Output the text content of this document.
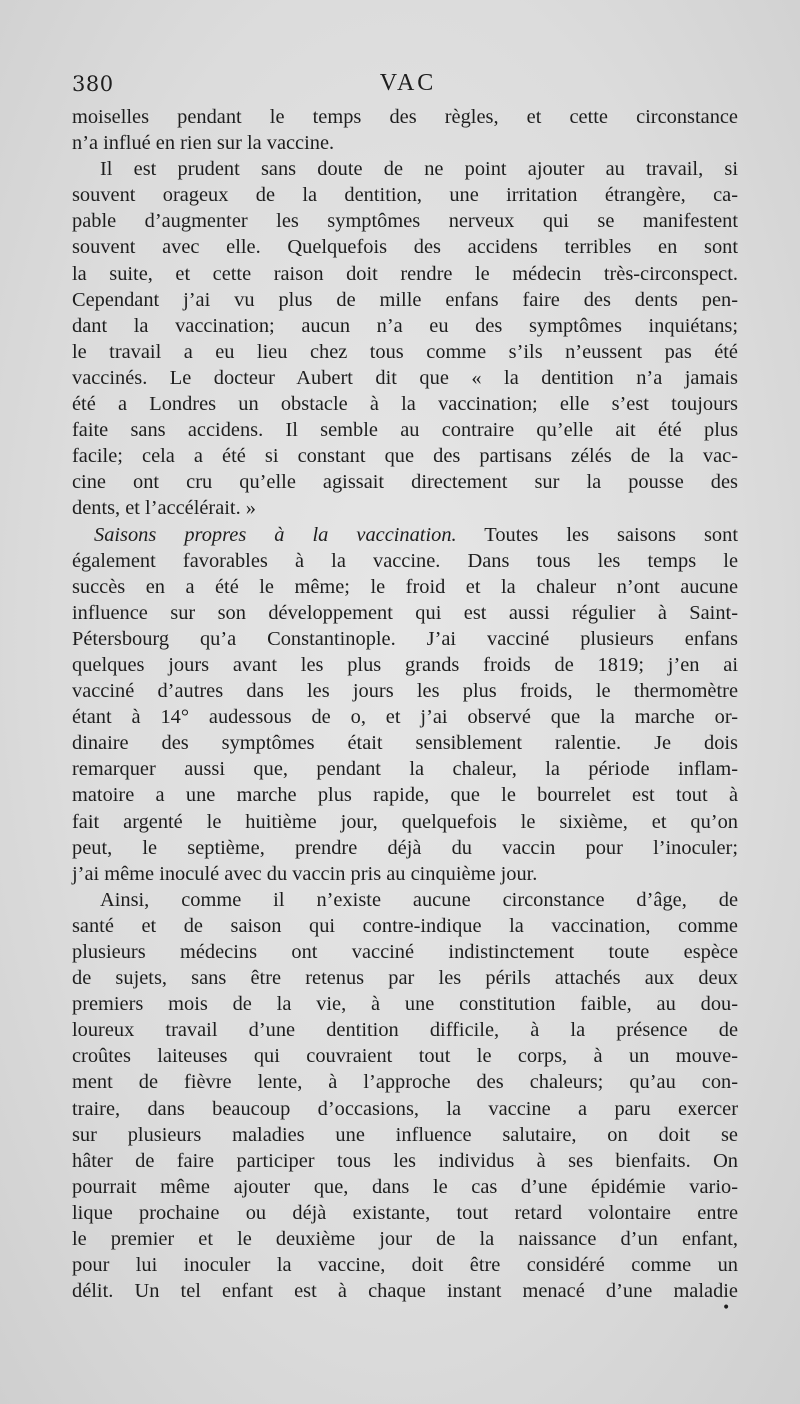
380	VAC
moiselles pendant le temps des règles, et cette circonstance
n’a influé en rien sur la vaccine.
Il est prudent sans doute de ne point ajouter au travail, si
souvent orageux de la dentition, une irritation étrangère, ca-
pable d’augmenter les symptômes nerveux qui se manifestent
souvent avec elle. Quelquefois des accidens terribles en sont
la suite, et cette raison doit rendre le médecin très-circonspect.
Cependant j’ai vu plus de mille enfans faire des dents pen-
dant la vaccination; aucun n’a eu des symptômes inquiétans;
le travail a eu lieu chez tous comme s’ils n’eussent pas été
vaccinés. Le docteur Aubert dit que « la dentition n’a jamais
été a Londres un obstacle à la vaccination; elle s’est toujours
faite sans accidens. Il semble au contraire qu’elle ait été plus
facile; cela a été si constant que des partisans zélés de la vac-
cine ont cru qu’elle agissait directement sur la pousse des
dents, et l’accélérait. »
Saisons propres à la vaccination. Toutes les saisons sont
également favorables à la vaccine. Dans tous les temps le
succès en a été le même; le froid et la chaleur n’ont aucune
influence sur son développement qui est aussi régulier à Saint-
Pétersbourg qu’a Constantinople. J’ai vacciné plusieurs enfans
quelques jours avant les plus grands froids de 1819; j’en ai
vacciné d’autres dans les jours les plus froids, le thermomètre
étant à 14° audessous de o, et j’ai observé que la marche or-
dinaire des symptômes était sensiblement ralentie. Je dois
remarquer aussi que, pendant la chaleur, la période inflam-
matoire a une marche plus rapide, que le bourrelet est tout à
fait argenté le huitième jour, quelquefois le sixième, et qu’on
peut, le septième, prendre déjà du vaccin pour l’inoculer;
j’ai même inoculé avec du vaccin pris au cinquième jour.
Ainsi, comme il n’existe aucune circonstance d’âge, de
santé et de saison qui contre-indique la vaccination, comme
plusieurs médecins ont vacciné indistinctement toute espèce
de sujets, sans être retenus par les périls attachés aux deux
premiers mois de la vie, à une constitution faible, au dou-
loureux travail d’une dentition difficile, à la présence de
croûtes laiteuses qui couvraient tout le corps, à un mouve-
ment de fièvre lente, à l’approche des chaleurs; qu’au con-
traire, dans beaucoup d’occasions, la vaccine a paru exercer
sur plusieurs maladies une influence salutaire, on doit se
hâter de faire participer tous les individus à ses bienfaits. On
pourrait même ajouter que, dans le cas d’une épidémie vario-
lique prochaine ou déjà existante, tout retard volontaire entre
le premier et le deuxième jour de la naissance d’un enfant,
pour lui inoculer la vaccine, doit être considéré comme un
délit. Un tel enfant est à chaque instant menacé d’une maladie
•
